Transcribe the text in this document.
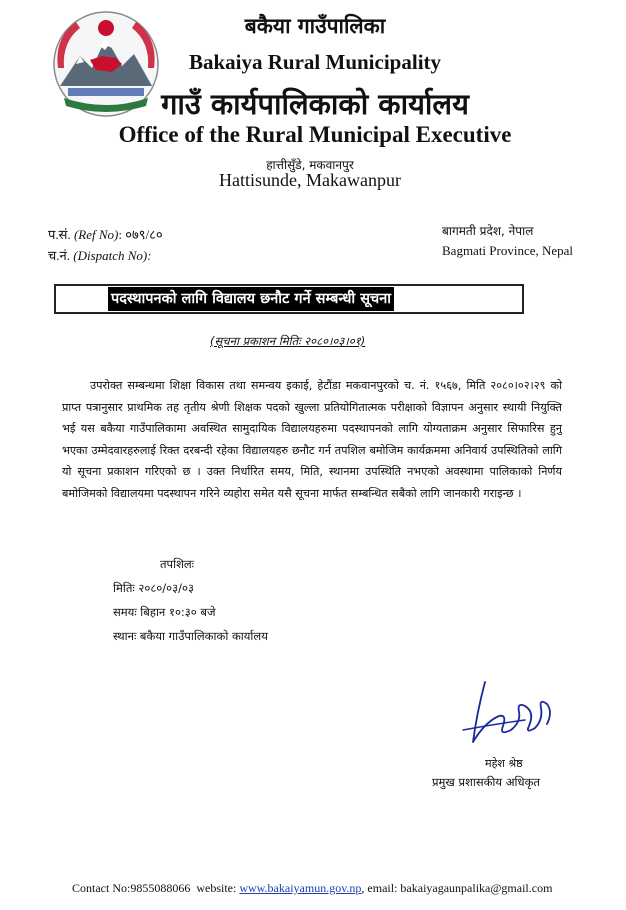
बकैया गाउँपालिका
Bakaiya Rural Municipality
गाउँ कार्यपालिकाको कार्यालय
Office of the Rural Municipal Executive
हात्तीसुँडे, मकवानपुर
Hattisunde, Makawanpur
प.सं. (Ref No): ०७९/८०
च.नं. (Dispatch No):
बागमती प्रदेश, नेपाल
Bagmati Province, Nepal
पदस्थापनको लागि विद्यालय छनौट गर्ने सम्बन्धी सूचना
(सूचना प्रकाशन मितिः २०८०।०३।०१)
उपरोक्त सम्बन्धमा शिक्षा विकास तथा समन्वय इकाई, हेटौंडा मकवानपुरको च. नं. १५६७, मिति २०८०।०२।२९ को प्राप्त पत्रानुसार प्राथमिक तह तृतीय श्रेणी शिक्षक पदको खुल्ला प्रतियोगितात्मक परीक्षाको विज्ञापन अनुसार स्थायी नियुक्ति भई यस बकैया गाउँपालिकामा अवस्थित सामुदायिक विद्यालयहरुमा पदस्थापनको लागि योग्यताक्रम अनुसार सिफारिस हुनु भएका उम्मेदवारहरुलाई रिक्त दरबन्दी रहेका विद्यालयहरु छनौट गर्न तपशिल बमोजिम कार्यक्रममा अनिवार्य उपस्थितिको लागि यो सूचना प्रकाशन गरिएको छ । उक्त निर्धारित समय, मिति, स्थानमा उपस्थिति नभएको अवस्थामा पालिकाको निर्णय बमोजिमको विद्यालयमा पदस्थापन गरिने व्यहोरा समेत यसै सूचना मार्फत सम्बन्धित सबैको लागि जानकारी गराइन्छ ।
तपशिलः
मितिः २०८०/०३/०३
समयः बिहान १०:३० बजे
स्थानः बकैया गाउँपालिकाको कार्यालय
महेश श्रेष्ठ
प्रमुख प्रशासकीय अधिकृत
Contact No:9855088066 website: www.bakaiyamun.gov.np, email: bakaiyagaunpalika@gmail.com
